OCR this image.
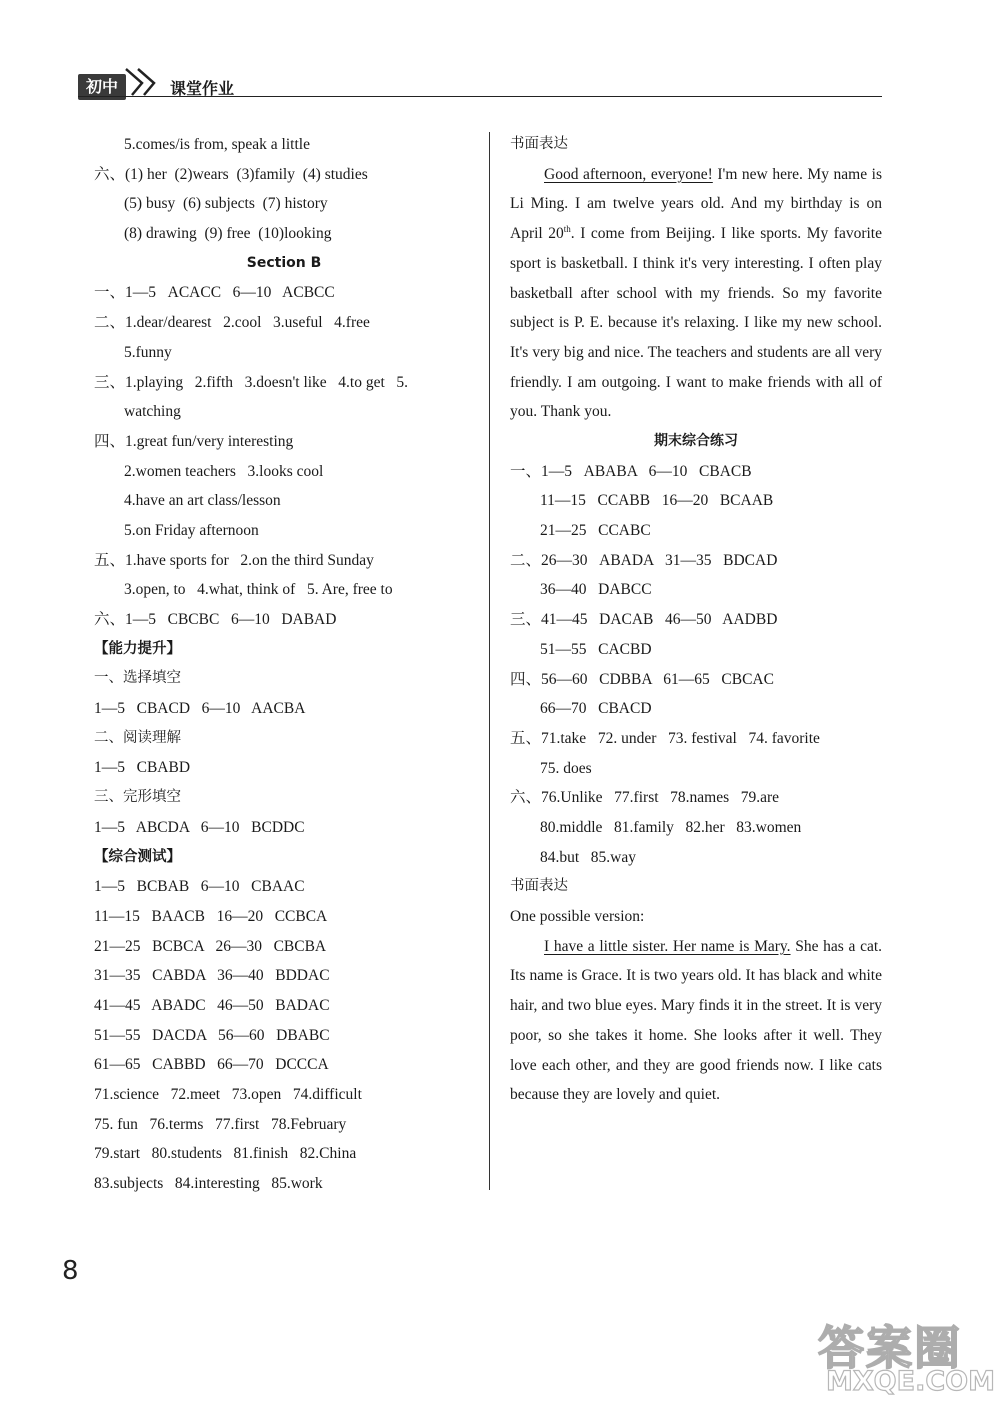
初中	课堂作业
5.comes/is from, speak a little
六、(1) her  (2)wears  (3)family  (4) studies
(5) busy  (6) subjects  (7) history
(8) drawing  (9) free  (10)looking
Section B
一、1—5   ACACC   6—10   ACBCC
二、1.dear/dearest   2.cool   3.useful   4.free
5.funny
三、1.playing   2.fifth   3.doesn't like   4.to get   5.
watching
四、1.great fun/very interesting
2.women teachers   3.looks cool
4.have an art class/lesson
5.on Friday afternoon
五、1.have sports for   2.on the third Sunday
3.open, to   4.what, think of   5. Are, free to
六、1—5   CBCBC   6—10   DABAD
【能力提升】
一、选择填空
1—5   CBACD   6—10   AACBA
二、阅读理解
1—5   CBABD
三、完形填空
1—5   ABCDA   6—10   BCDDC
【综合测试】
1—5   BCBAB   6—10   CBAAC
11—15   BAACB   16—20   CCBCA
21—25   BCBCA   26—30   CBCBA
31—35   CABDA   36—40   BDDAC
41—45   ABADC   46—50   BADAC
51—55   DACDA   56—60   DBABC
61—65   CABBD   66—70   DCCCA
71.science   72.meet   73.open   74.difficult
75. fun   76.terms   77.first   78.February
79.start   80.students   81.finish   82.China
83.subjects   84.interesting   85.work
书面表达

Good afternoon, everyone! I'm new here. My name is Li Ming. I am twelve years old. And my birthday is on April 20th. I come from Beijing. I like sports. My favorite sport is basketball. I think it's very interesting. I often play basketball after school with my friends. So my favorite subject is P. E. because it's relaxing. I like my new school. It's very big and nice. The teachers and students are all very friendly. I am outgoing. I want to make friends with all of you. Thank you.

期末综合练习
一、1—5   ABABA   6—10   CBACB
11—15   CCABB   16—20   BCAAB
21—25   CCABC
二、26—30   ABADA   31—35   BDCAD
36—40   DABCC
三、41—45   DACAB   46—50   AADBD
51—55   CACBD
四、56—60   CDBBA   61—65   CBCAC
66—70   CBACD
五、71.take   72. under   73. festival   74. favorite
75. does
六、76.Unlike   77.first   78.names   79.are
80.middle   81.family   82.her   83.women
84.but   85.way
书面表达
One possible version:

I have a little sister. Her name is Mary. She has a cat. Its name is Grace. It is two years old. It has black and white hair, and two blue eyes. Mary finds it in the street. It is very poor, so she takes it home. She looks after it well. They love each other, and they are good friends now. I like cats because they are lovely and quiet.

8
答案圈
MXQE.COM
